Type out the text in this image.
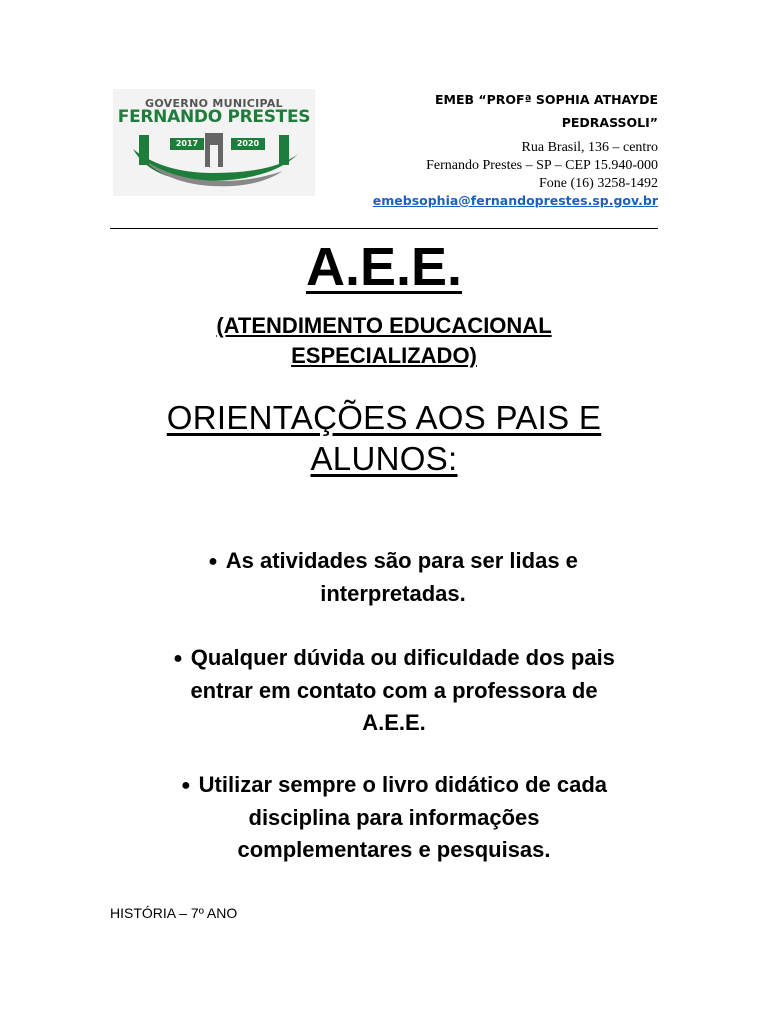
GOVERNO MUNICIPAL
FERNANDO PRESTES
2017	2020
EMEB “PROFª SOPHIA ATHAYDE
PEDRASSOLI”
Rua Brasil, 136 – centro
Fernando Prestes – SP – CEP 15.940-000
Fone (16) 3258-1492
emebsophia@fernandoprestes.sp.gov.br
A.E.E.
(ATENDIMENTO EDUCACIONAL
ESPECIALIZADO)
ORIENTAÇÕES AOS PAIS E
ALUNOS:
● As atividades são para ser lidas e
interpretadas.
● Qualquer dúvida ou dificuldade dos pais
entrar em contato com a professora de
A.E.E.
● Utilizar sempre o livro didático de cada
disciplina para informações
complementares e pesquisas.
HISTÓRIA – 7º ANO
